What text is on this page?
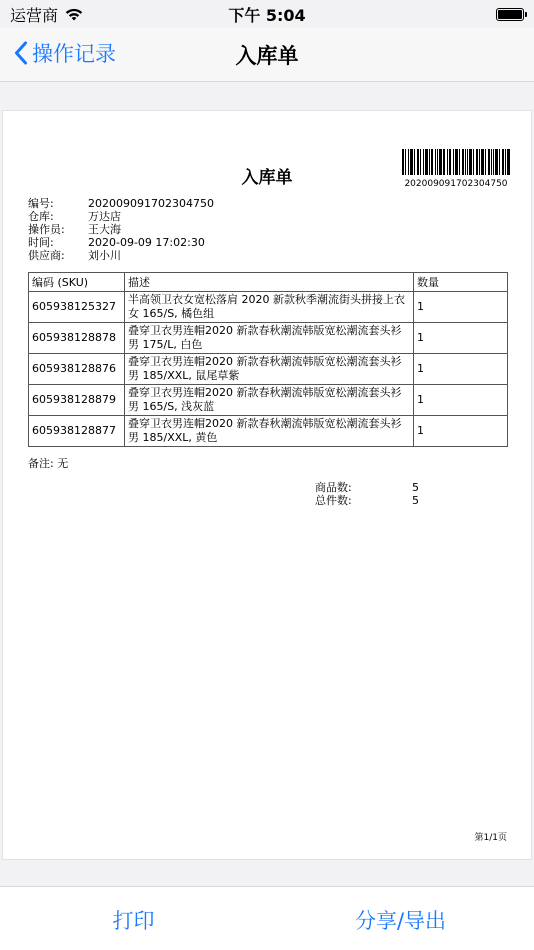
运营商	下午 5:04
操作记录	入库单
入库单	202009091702304750
编号:	202009091702304750
仓库:	万达店
操作员:	王大海
时间:	2020-09-09 17:02:30
供应商:	刘小川
编码 (SKU)	描述	数量
605938125327	半高领卫衣女宽松落肩 2020 新款秋季潮流街头拼接上衣女 165/S, 橘色组	1
605938128878	叠穿卫衣男连帽2020 新款春秋潮流韩版宽松潮流套头衫男 175/L, 白色	1
605938128876	叠穿卫衣男连帽2020 新款春秋潮流韩版宽松潮流套头衫男 185/XXL, 鼠尾草紫	1
605938128879	叠穿卫衣男连帽2020 新款春秋潮流韩版宽松潮流套头衫男 165/S, 浅灰蓝	1
605938128877	叠穿卫衣男连帽2020 新款春秋潮流韩版宽松潮流套头衫男 185/XXL, 黄色	1
备注: 无
商品数:	5
总件数:	5
第1/1页
打印	分享/导出
